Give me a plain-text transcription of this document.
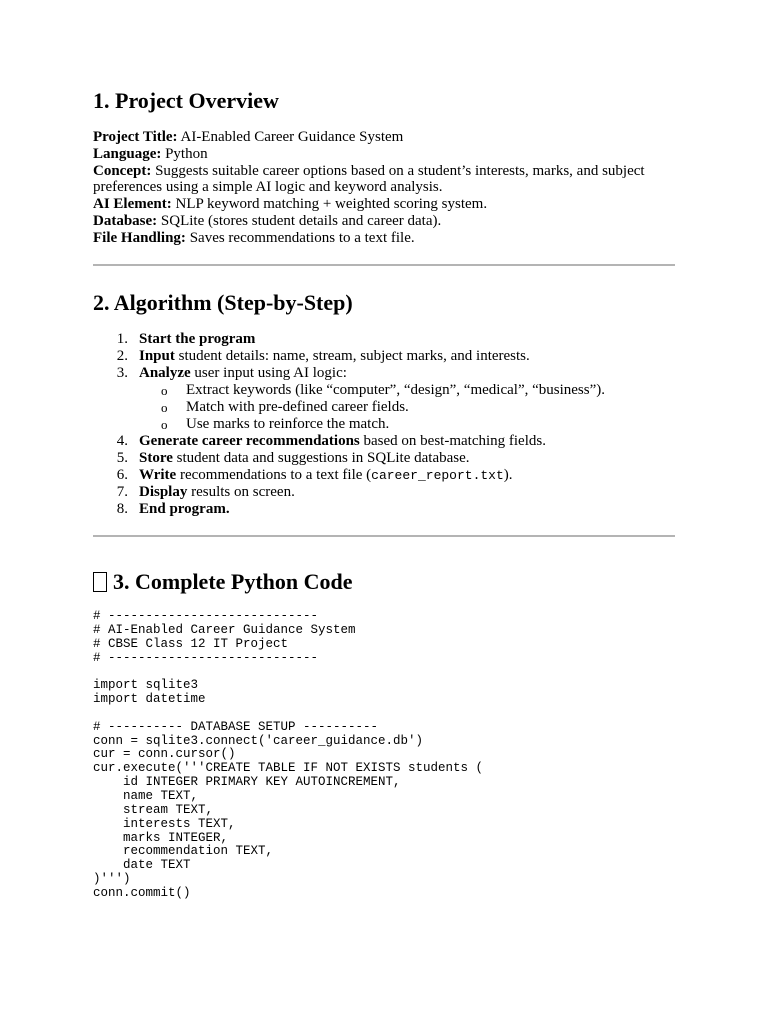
1. Project Overview
Project Title: AI-Enabled Career Guidance System
Language: Python
Concept: Suggests suitable career options based on a student’s interests, marks, and subject preferences using a simple AI logic and keyword analysis.
AI Element: NLP keyword matching + weighted scoring system.
Database: SQLite (stores student details and career data).
File Handling: Saves recommendations to a text file.
2. Algorithm (Step-by-Step)
1. Start the program
2. Input student details: name, stream, subject marks, and interests.
3. Analyze user input using AI logic:
o Extract keywords (like “computer”, “design”, “medical”, “business”).
o Match with pre-defined career fields.
o Use marks to reinforce the match.
4. Generate career recommendations based on best-matching fields.
5. Store student data and suggestions in SQLite database.
6. Write recommendations to a text file (career_report.txt).
7. Display results on screen.
8. End program.
3. Complete Python Code
# ----------------------------
# AI-Enabled Career Guidance System
# CBSE Class 12 IT Project
# ----------------------------

import sqlite3
import datetime

# ---------- DATABASE SETUP ----------
conn = sqlite3.connect('career_guidance.db')
cur = conn.cursor()
cur.execute('''CREATE TABLE IF NOT EXISTS students (
id INTEGER PRIMARY KEY AUTOINCREMENT,
name TEXT,
stream TEXT,
interests TEXT,
marks INTEGER,
recommendation TEXT,
date TEXT
)''')
conn.commit()
